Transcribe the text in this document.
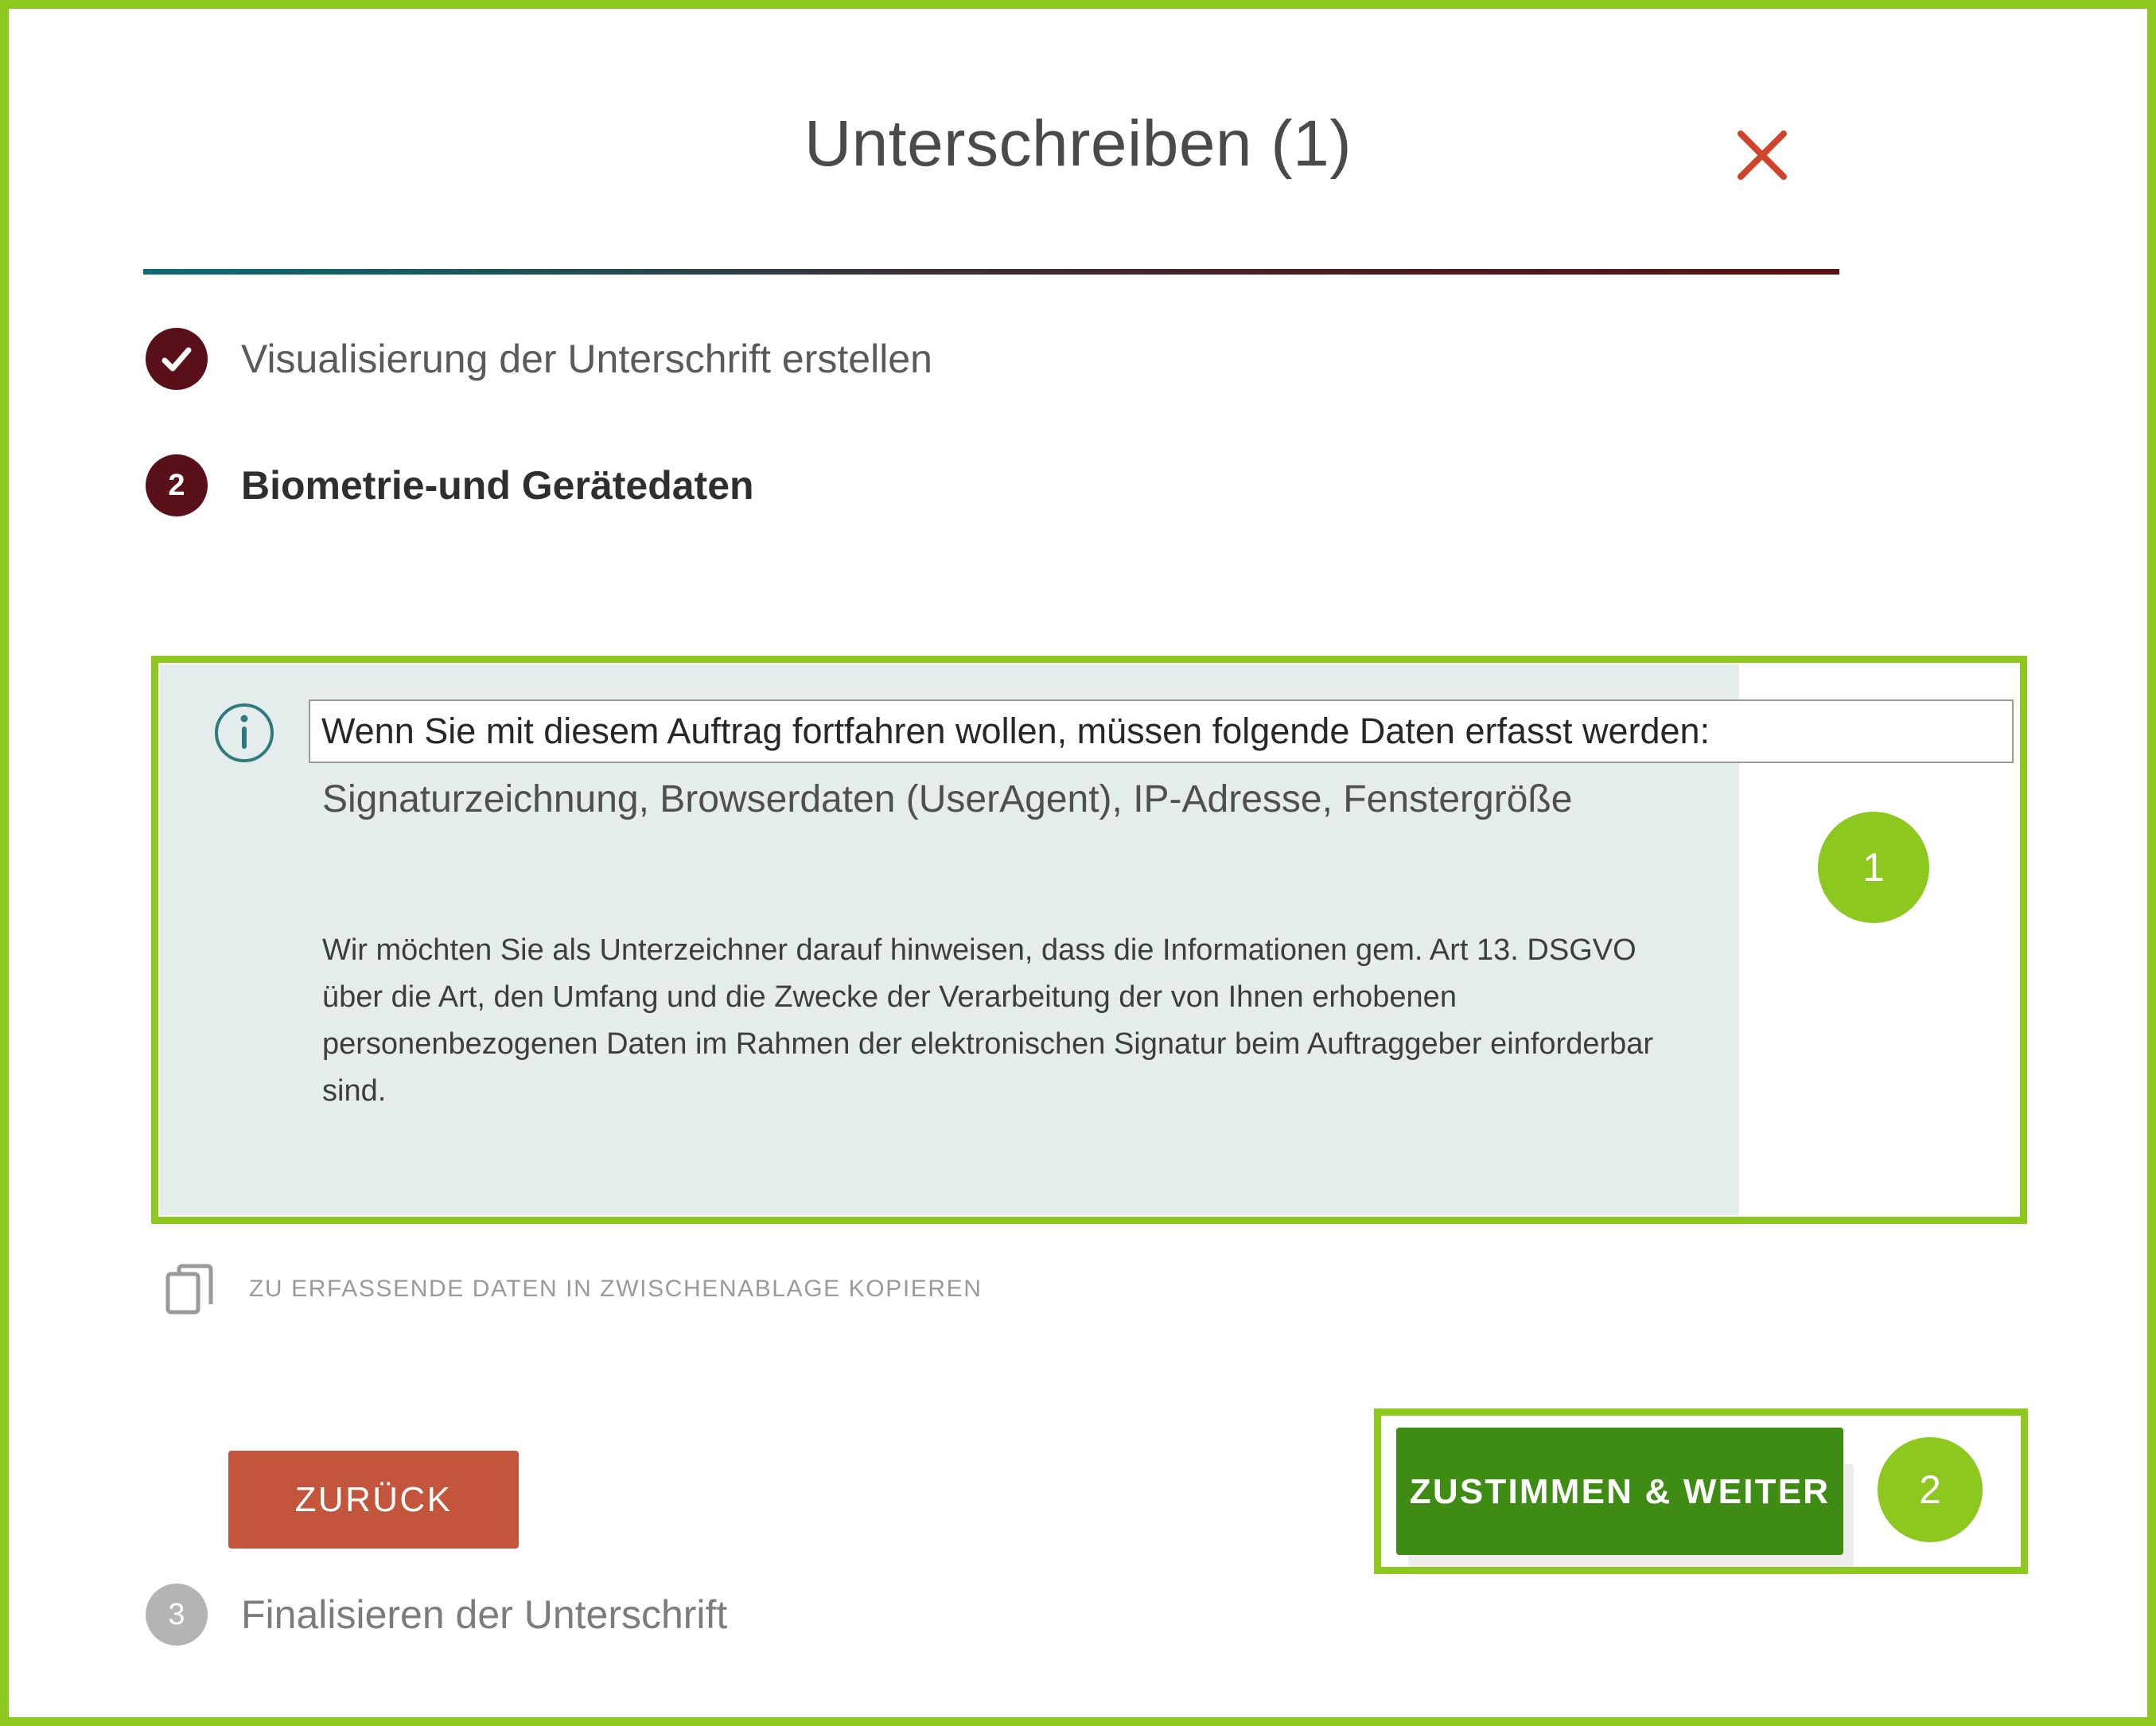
Unterschreiben (1)
Visualisierung der Unterschrift erstellen
2	Biometrie-und Gerätedaten
Wenn Sie mit diesem Auftrag fortfahren wollen, müssen folgende Daten erfasst werden:
Signaturzeichnung, Browserdaten (UserAgent), IP-Adresse, Fenstergröße
Wir möchten Sie als Unterzeichner darauf hinweisen, dass die Informationen gem. Art 13. DSGVO über die Art, den Umfang und die Zwecke der Verarbeitung der von Ihnen erhobenen personenbezogenen Daten im Rahmen der elektronischen Signatur beim Auftraggeber einforderbar sind.
1
ZU ERFASSENDE DATEN IN ZWISCHENABLAGE KOPIEREN
ZURÜCK	ZUSTIMMEN & WEITER	2
3	Finalisieren der Unterschrift
